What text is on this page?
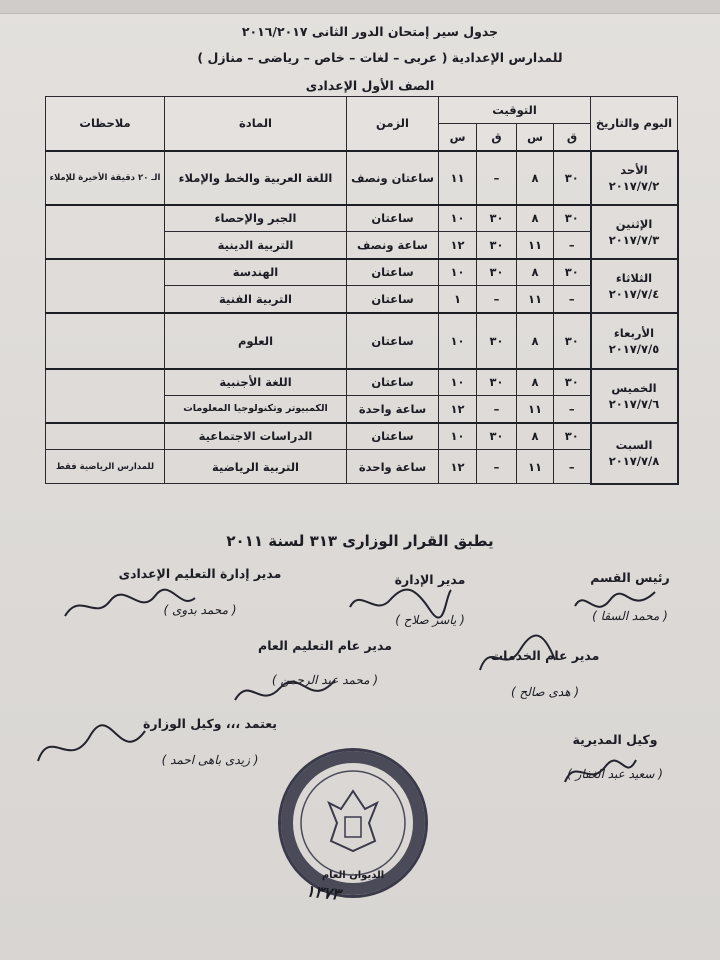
جدول سير إمتحان الدور الثانى ٢٠١٦/٢٠١٧
للمدارس الإعدادية ( عربى – لغات – خاص – رياضى – منازل )
الصف الأول الإعدادى
اليوم والتاريخ	التوقيت				الزمن	المادة	ملاحظات
	ق	س	ق	س			
الأحد
٢٠١٧/٧/٢	٣٠	٨	–	١١	ساعتان ونصف	اللغة العربية والخط والإملاء	الـ ٢٠ دقيقة الأخيرة للإملاء
الإثنين
٢٠١٧/٧/٣	٣٠	٨	٣٠	١٠	ساعتان	الجبر والإحصاء	
	–	١١	٣٠	١٢	ساعة ونصف	التربية الدينية	
الثلاثاء
٢٠١٧/٧/٤	٣٠	٨	٣٠	١٠	ساعتان	الهندسة	
	–	١١	–	١	ساعتان	التربية الفنية	
الأربعاء
٢٠١٧/٧/٥	٣٠	٨	٣٠	١٠	ساعتان	العلوم	
الخميس
٢٠١٧/٧/٦	٣٠	٨	٣٠	١٠	ساعتان	اللغة الأجنبية	
	–	١١	–	١٢	ساعة واحدة	الكمبيوتر وتكنولوجيا المعلومات	
السبت
٢٠١٧/٧/٨	٣٠	٨	٣٠	١٠	ساعتان	الدراسات الاجتماعية	
	–	١١	–	١٢	ساعة واحدة	التربية الرياضية	للمدارس الرياضية فقط
يطبق القرار الوزارى ٣١٣ لسنة ٢٠١١
رئيس القسم
( محمد السقا )
مدير الإدارة
( ياسر صلاح )
مدير إدارة التعليم الإعدادى
( محمد بدوى )
مدير عام الخدمات
( هدى صالح )
مدير عام التعليم العام
( محمد عبد الرحمن )
يعتمد ،،، وكيل الوزارة
( زيدى باهى احمد )
وكيل المديرية
( سعيد عبد الغفار )
الديوان العام
١٣٧٣
